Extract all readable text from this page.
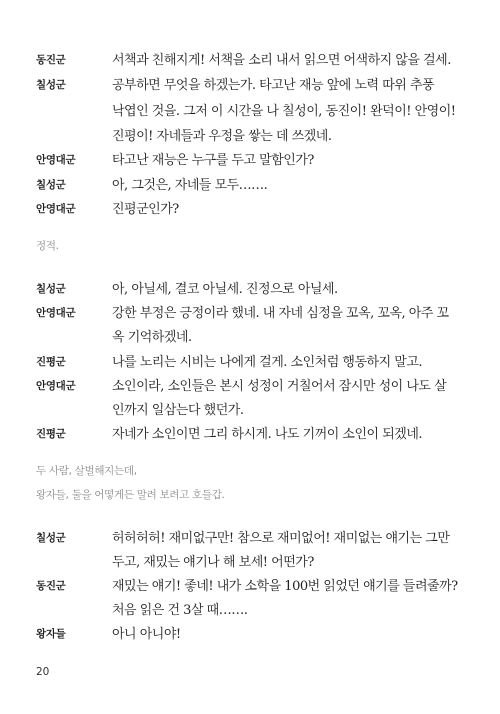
동진군	서책과 친해지게! 서책을 소리 내서 읽으면 어색하지 않을 걸세.
칠성군	공부하면 무엇을 하겠는가. 타고난 재능 앞에 노력 따위 추풍
낙엽인 것을. 그저 이 시간을 나 칠성이, 동진이! 완덕이! 안영이!
진평이! 자네들과 우정을 쌓는 데 쓰겠네.
안영대군	타고난 재능은 누구를 두고 말함인가?
칠성군	아, 그것은, 자네들 모두…….
안영대군	진평군인가?
정적.
칠성군	아, 아닐세, 결코 아닐세. 진정으로 아닐세.
안영대군	강한 부정은 긍정이라 했네. 내 자네 심정을 꼬옥, 꼬옥, 아주 꼬
옥 기억하겠네.
진평군	나를 노리는 시비는 나에게 걸게. 소인처럼 행동하지 말고.
안영대군	소인이라, 소인들은 본시 성정이 거칠어서 잠시만 성이 나도 살
인까지 일삼는다 했던가.
진평군	자네가 소인이면 그리 하시게. 나도 기꺼이 소인이 되겠네.
두 사람, 살벌해지는데,
왕자들, 둘을 어떻게든 말려 보려고 호들갑.
칠성군	허허허허! 재미없구만! 참으로 재미없어! 재미없는 얘기는 그만
두고, 재밌는 얘기나 해 보세! 어떤가?
동진군	재밌는 얘기! 좋네! 내가 소학을 100번 읽었던 얘기를 들려줄까?
처음 읽은 건 3살 때…….
왕자들	아니 아니야!
20
